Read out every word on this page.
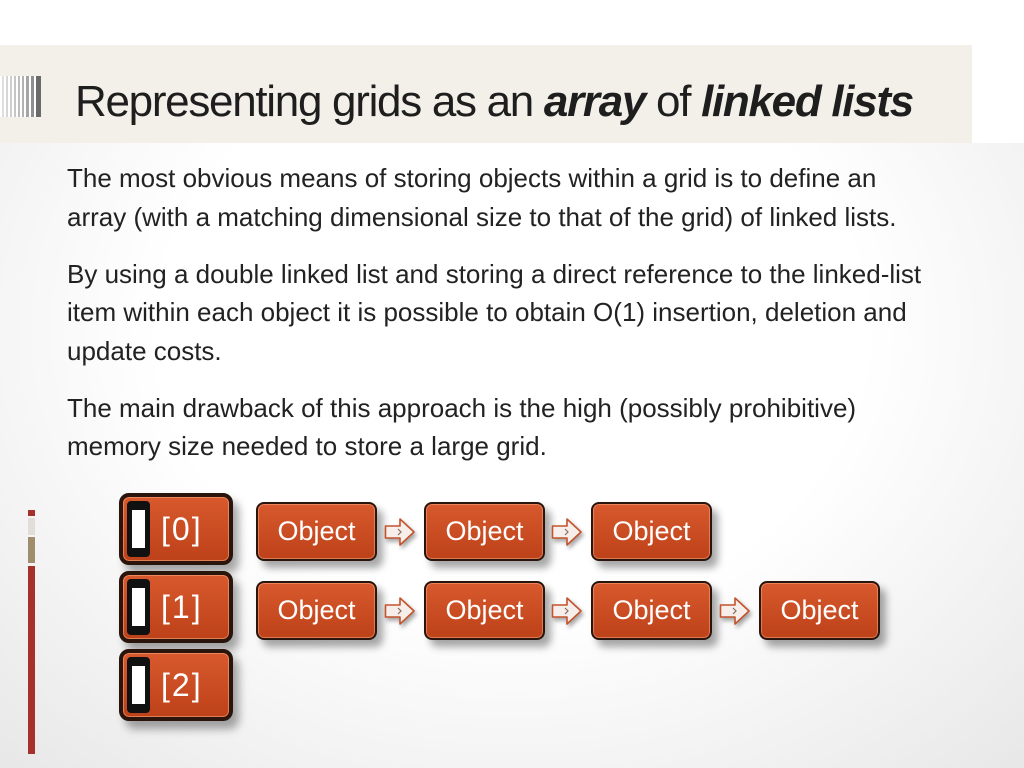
Representing grids as an array of linked lists
The most obvious means of storing objects within a grid is to define an
array (with a matching dimensional size to that of the grid) of linked lists.
By using a double linked list and storing a direct reference to the linked-list
item within each object it is possible to obtain O(1) insertion, deletion and
update costs.
The main drawback of this approach is the high (possibly prohibitive)
memory size needed to store a large grid.
[0]
[1]
[2]
Object	Object	Object
Object	Object	Object	Object
